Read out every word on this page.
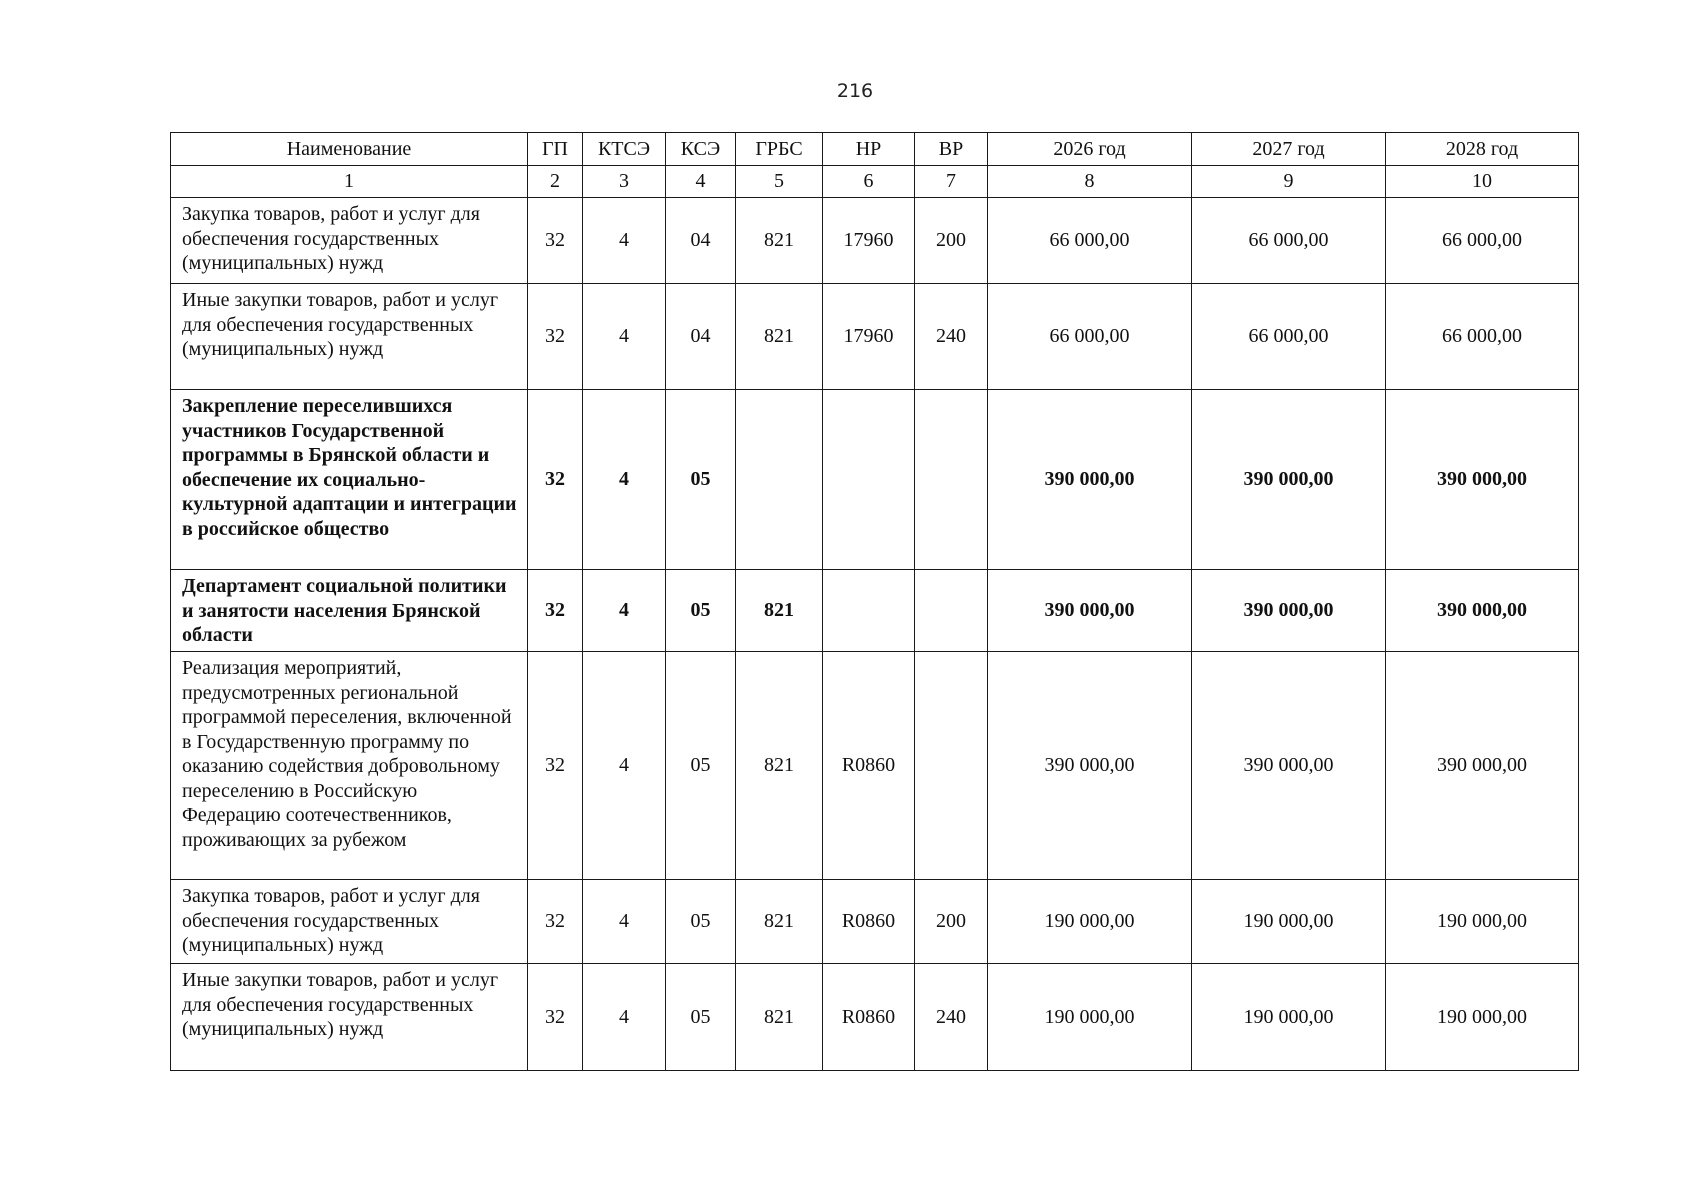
216
Наименование	ГП	КТСЭ	КСЭ	ГРБС	НР	ВР	2026 год	2027 год	2028 год
1	2	3	4	5	6	7	8	9	10
Закупка товаров, работ и услуг для обеспечения государственных (муниципальных) нужд	32	4	04	821	17960	200	66 000,00	66 000,00	66 000,00
Иные закупки товаров, работ и услуг для обеспечения государственных (муниципальных) нужд	32	4	04	821	17960	240	66 000,00	66 000,00	66 000,00
Закрепление переселившихся участников Государственной программы в Брянской области и обеспечение их социально-культурной адаптации и интеграции в российское общество	32	4	05				390 000,00	390 000,00	390 000,00
Департамент социальной политики и занятости населения Брянской области	32	4	05	821			390 000,00	390 000,00	390 000,00
Реализация мероприятий, предусмотренных региональной программой переселения, включенной в Государственную программу по оказанию содействия добровольному переселению в Российскую Федерацию соотечественников, проживающих за рубежом	32	4	05	821	R0860		390 000,00	390 000,00	390 000,00
Закупка товаров, работ и услуг для обеспечения государственных (муниципальных) нужд	32	4	05	821	R0860	200	190 000,00	190 000,00	190 000,00
Иные закупки товаров, работ и услуг для обеспечения государственных (муниципальных) нужд	32	4	05	821	R0860	240	190 000,00	190 000,00	190 000,00
